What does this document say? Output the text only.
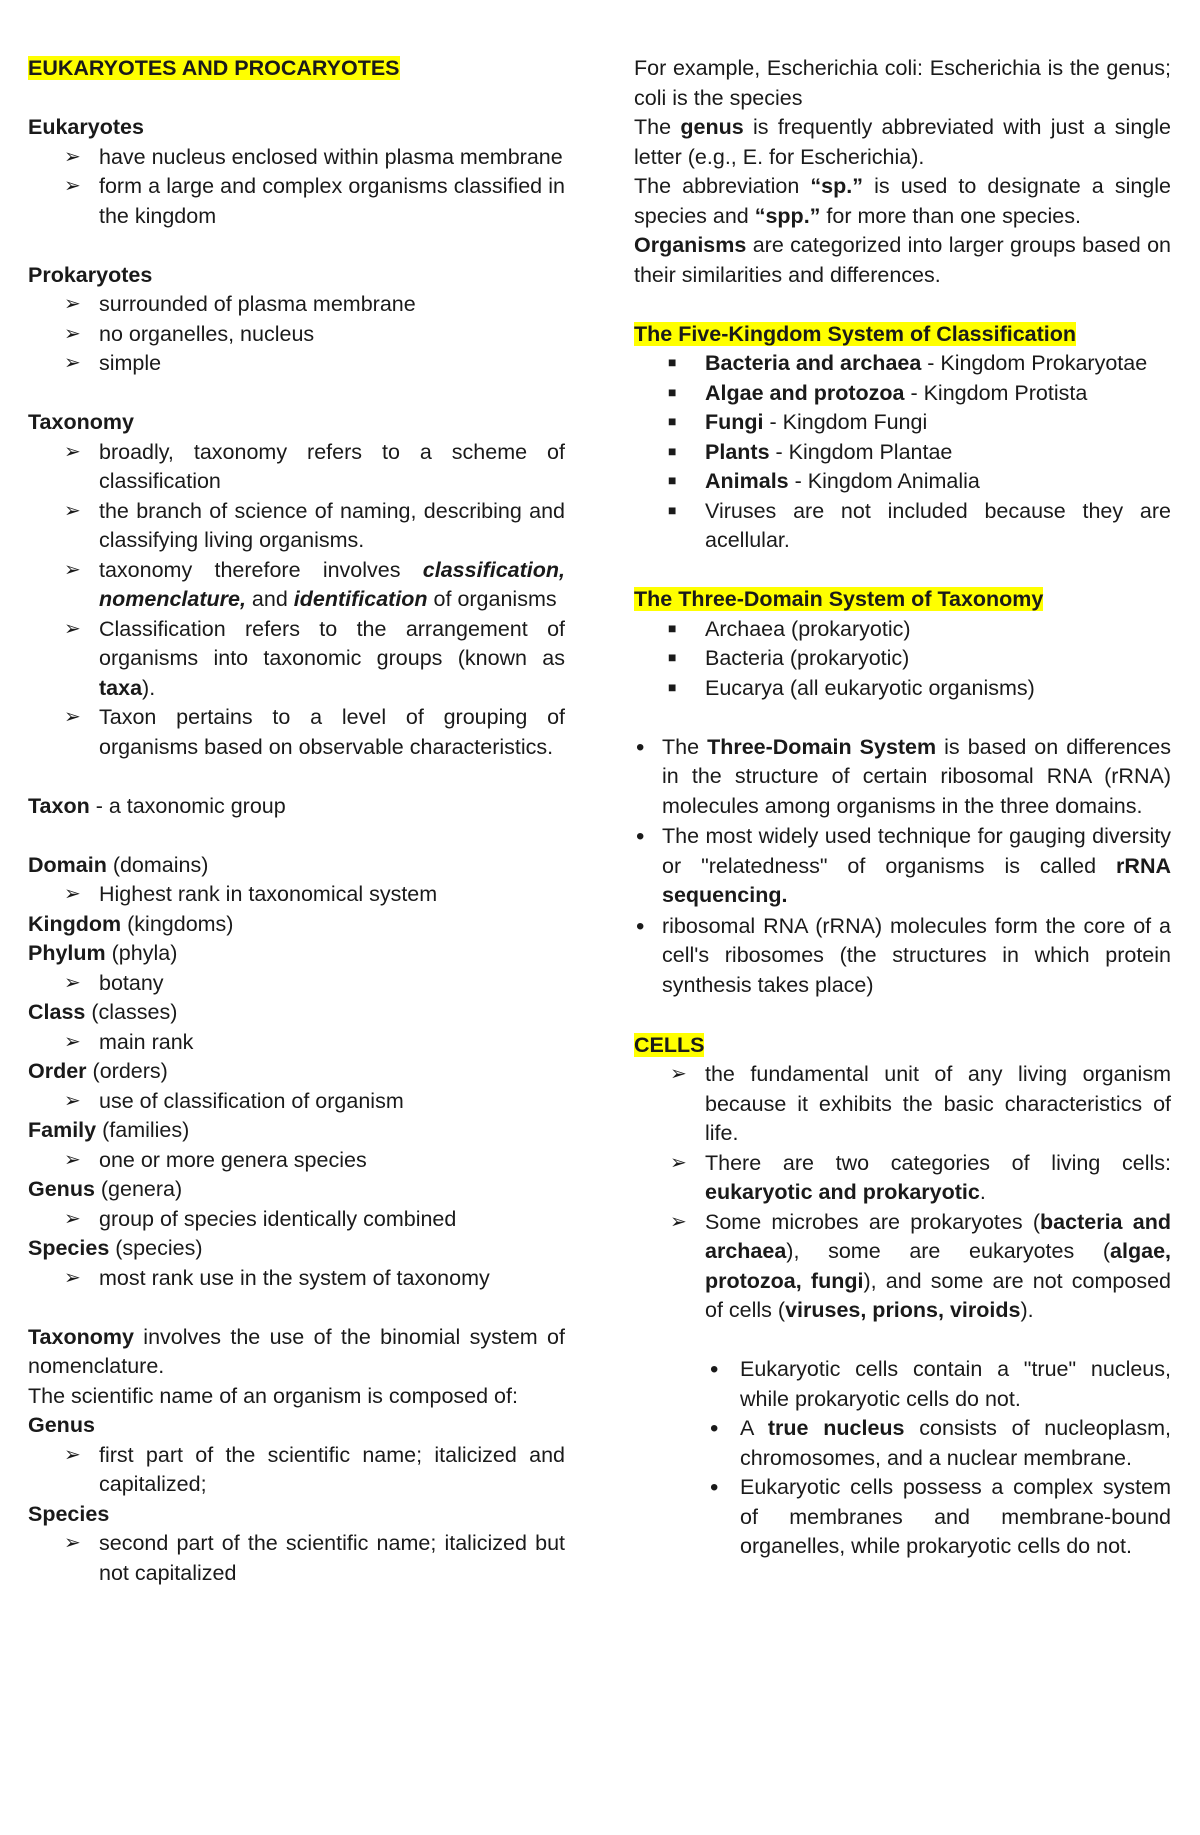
EUKARYOTES AND PROCARYOTES

Eukaryotes

➢ have nucleus enclosed within plasma membrane
➢ form a large and complex organisms classified in the kingdom

Prokaryotes

➢ surrounded of plasma membrane
➢ no organelles, nucleus
➢ simple

Taxonomy

➢ broadly, taxonomy refers to a scheme of classification
➢ the branch of science of naming, describing and classifying living organisms.
➢ taxonomy therefore involves classification, nomenclature, and identification of organisms
➢ Classification refers to the arrangement of organisms into taxonomic groups (known as taxa).
➢ Taxon pertains to a level of grouping of organisms based on observable characteristics.

Taxon - a taxonomic group

Domain (domains)

➢ Highest rank in taxonomical system

Kingdom (kingdoms)

Phylum (phyla)

➢ botany

Class (classes)

➢ main rank

Order (orders)

➢ use of classification of organism

Family (families)

➢ one or more genera species

Genus (genera)

➢ group of species identically combined

Species (species)

➢ most rank use in the system of taxonomy

Taxonomy involves the use of the binomial system of nomenclature.

The scientific name of an organism is composed of:

Genus

➢ first part of the scientific name; italicized and capitalized;

Species

➢ second part of the scientific name; italicized but not capitalized

For example, Escherichia coli: Escherichia is the genus; coli is the species

The genus is frequently abbreviated with just a single letter (e.g., E. for Escherichia).

The abbreviation “sp.” is used to designate a single species and “spp.” for more than one species.

Organisms are categorized into larger groups based on their similarities and differences.

The Five-Kingdom System of Classification

■ Bacteria and archaea - Kingdom Prokaryotae
■ Algae and protozoa - Kingdom Protista
■ Fungi - Kingdom Fungi
■ Plants - Kingdom Plantae
■ Animals - Kingdom Animalia
■ Viruses are not included because they are acellular.

The Three-Domain System of Taxonomy

■ Archaea (prokaryotic)
■ Bacteria (prokaryotic)
■ Eucarya (all eukaryotic organisms)
• The Three-Domain System is based on differences in the structure of certain ribosomal RNA (rRNA) molecules among organisms in the three domains.
• The most widely used technique for gauging diversity or "relatedness" of organisms is called rRNA sequencing.
• ribosomal RNA (rRNA) molecules form the core of a cell's ribosomes (the structures in which protein synthesis takes place)

CELLS

➢ the fundamental unit of any living organism because it exhibits the basic characteristics of life.
➢ There are two categories of living cells: eukaryotic and prokaryotic.
➢ Some microbes are prokaryotes (bacteria and archaea), some are eukaryotes (algae, protozoa, fungi), and some are not composed of cells (viruses, prions, viroids).
• Eukaryotic cells contain a "true" nucleus, while prokaryotic cells do not.
• A true nucleus consists of nucleoplasm, chromosomes, and a nuclear membrane.
• Eukaryotic cells possess a complex system of membranes and membrane-bound organelles, while prokaryotic cells do not.
